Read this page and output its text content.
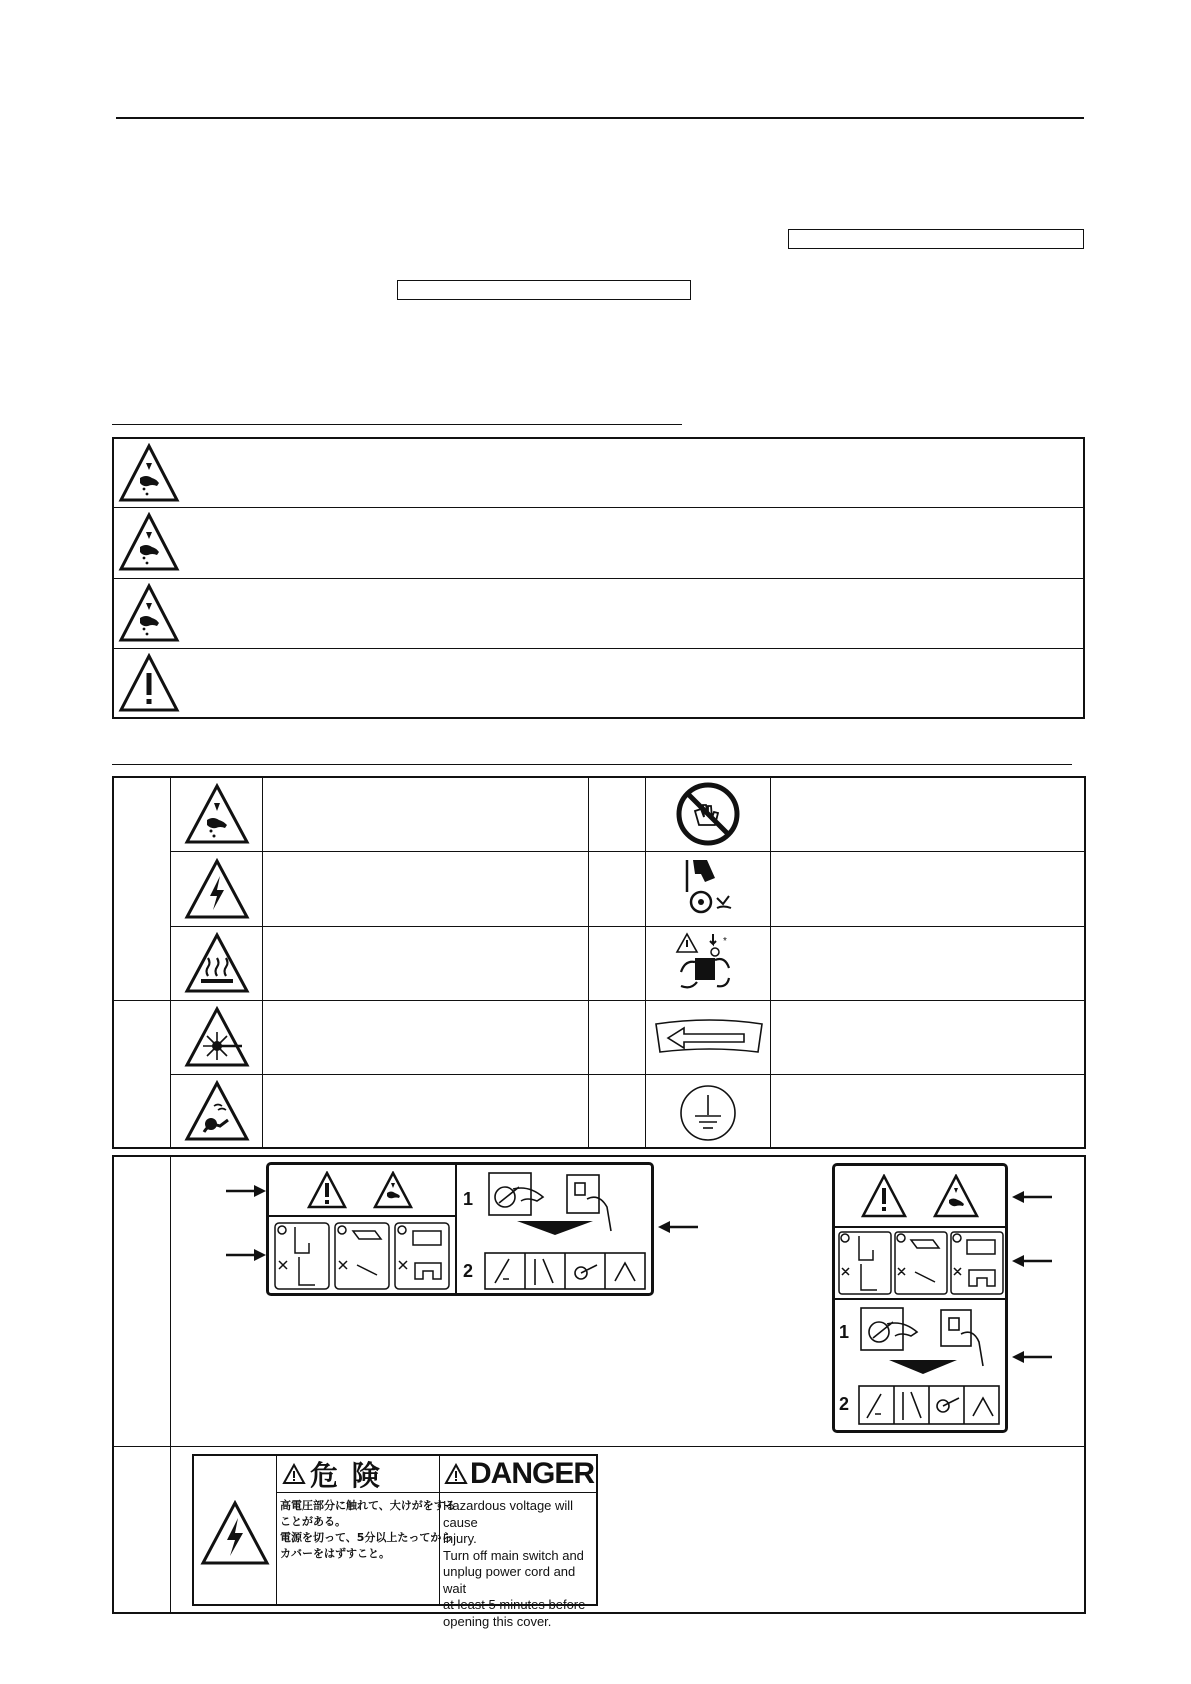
*
1
2
1
2
危 険	DANGER
高電圧部分に触れて、大けがをする
ことがある。
電源を切って、5分以上たってから
カバーをはずすこと。
Hazardous voltage will cause
injury.
Turn off main switch and
unplug power cord and wait
at least 5 minutes before
opening this cover.
